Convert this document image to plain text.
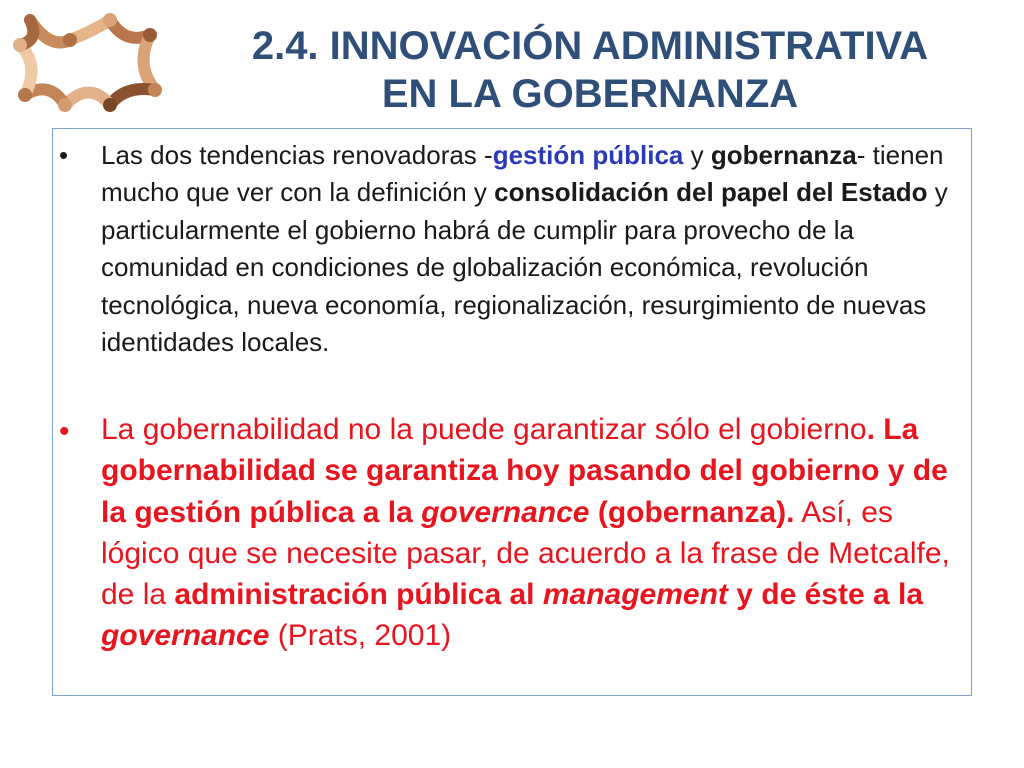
2.4. INNOVACIÓN ADMINISTRATIVA
EN LA GOBERNANZA
• Las dos tendencias renovadoras -gestión pública y gobernanza- tienen mucho que ver con la definición y consolidación del papel del Estado y particularmente el gobierno habrá de cumplir para provecho de la comunidad en condiciones de globalización económica, revolución tecnológica, nueva economía, regionalización, resurgimiento de nuevas identidades locales.
• La gobernabilidad no la puede garantizar sólo el gobierno. La gobernabilidad se garantiza hoy pasando del gobierno y de la gestión pública a la governance (gobernanza). Así, es lógico que se necesite pasar, de acuerdo a la frase de Metcalfe, de la administración pública al management y de éste a la governance (Prats, 2001)
